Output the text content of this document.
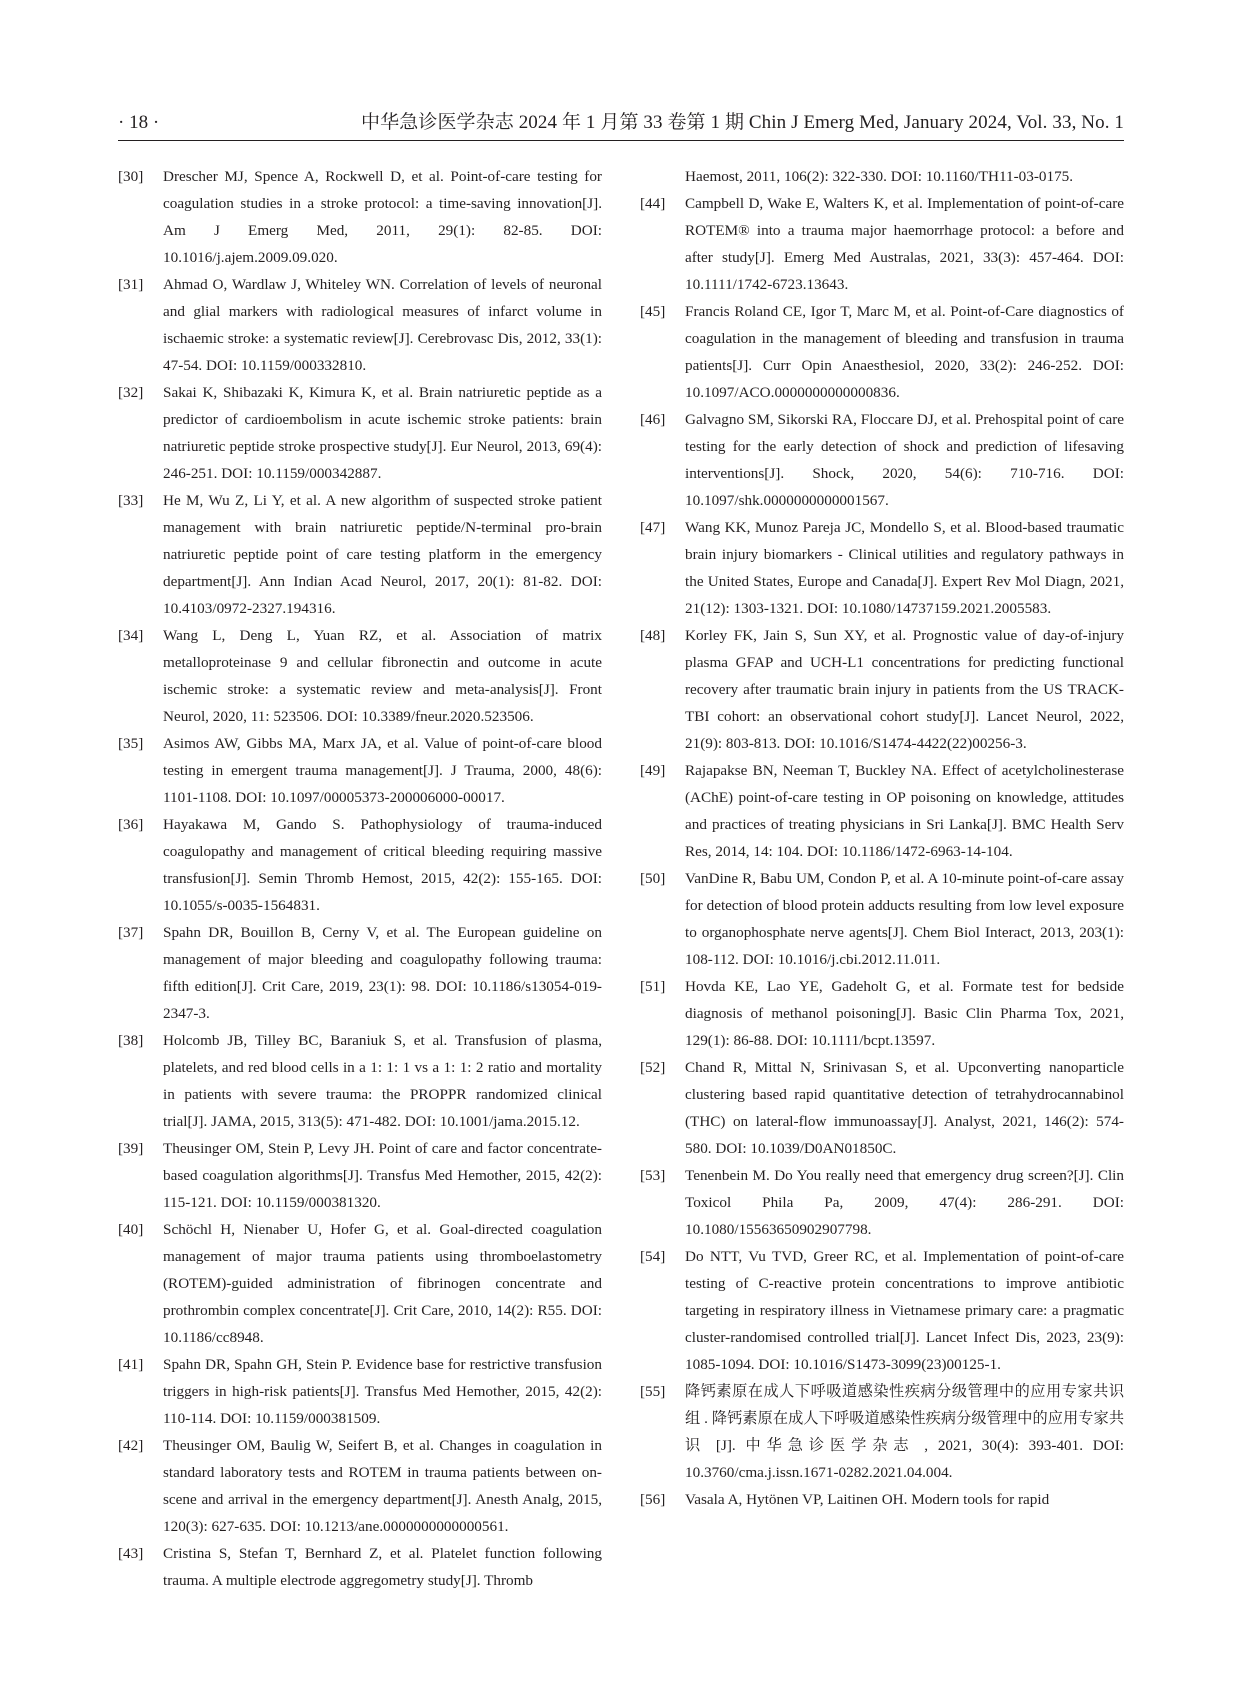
· 18 ·	中华急诊医学杂志 2024 年 1 月第 33 卷第 1 期 Chin J Emerg Med, January 2024, Vol. 33, No. 1

[30] Drescher MJ, Spence A, Rockwell D, et al. Point-of-care testing for coagulation studies in a stroke protocol: a time-saving innovation[J]. Am J Emerg Med, 2011, 29(1): 82-85. DOI: 10.1016/j.ajem.2009.09.020.

[31] Ahmad O, Wardlaw J, Whiteley WN. Correlation of levels of neuronal and glial markers with radiological measures of infarct volume in ischaemic stroke: a systematic review[J]. Cerebrovasc Dis, 2012, 33(1): 47-54. DOI: 10.1159/000332810.

[32] Sakai K, Shibazaki K, Kimura K, et al. Brain natriuretic peptide as a predictor of cardioembolism in acute ischemic stroke patients: brain natriuretic peptide stroke prospective study[J]. Eur Neurol, 2013, 69(4): 246-251. DOI: 10.1159/000342887.

[33] He M, Wu Z, Li Y, et al. A new algorithm of suspected stroke patient management with brain natriuretic peptide/N-terminal pro-brain natriuretic peptide point of care testing platform in the emergency department[J]. Ann Indian Acad Neurol, 2017, 20(1): 81-82. DOI: 10.4103/0972-2327.194316.

[34] Wang L, Deng L, Yuan RZ, et al. Association of matrix metalloproteinase 9 and cellular fibronectin and outcome in acute ischemic stroke: a systematic review and meta-analysis[J]. Front Neurol, 2020, 11: 523506. DOI: 10.3389/fneur.2020.523506.

[35] Asimos AW, Gibbs MA, Marx JA, et al. Value of point-of-care blood testing in emergent trauma management[J]. J Trauma, 2000, 48(6): 1101-1108. DOI: 10.1097/00005373-200006000-00017.

[36] Hayakawa M, Gando S. Pathophysiology of trauma-induced coagulopathy and management of critical bleeding requiring massive transfusion[J]. Semin Thromb Hemost, 2015, 42(2): 155-165. DOI: 10.1055/s-0035-1564831.

[37] Spahn DR, Bouillon B, Cerny V, et al. The European guideline on management of major bleeding and coagulopathy following trauma: fifth edition[J]. Crit Care, 2019, 23(1): 98. DOI: 10.1186/s13054-019-2347-3.

[38] Holcomb JB, Tilley BC, Baraniuk S, et al. Transfusion of plasma, platelets, and red blood cells in a 1: 1: 1 vs a 1: 1: 2 ratio and mortality in patients with severe trauma: the PROPPR randomized clinical trial[J]. JAMA, 2015, 313(5): 471-482. DOI: 10.1001/jama.2015.12.

[39] Theusinger OM, Stein P, Levy JH. Point of care and factor concentrate-based coagulation algorithms[J]. Transfus Med Hemother, 2015, 42(2): 115-121. DOI: 10.1159/000381320.

[40] Schöchl H, Nienaber U, Hofer G, et al. Goal-directed coagulation management of major trauma patients using thromboelastometry (ROTEM)-guided administration of fibrinogen concentrate and prothrombin complex concentrate[J]. Crit Care, 2010, 14(2): R55. DOI: 10.1186/cc8948.

[41] Spahn DR, Spahn GH, Stein P. Evidence base for restrictive transfusion triggers in high-risk patients[J]. Transfus Med Hemother, 2015, 42(2): 110-114. DOI: 10.1159/000381509.

[42] Theusinger OM, Baulig W, Seifert B, et al. Changes in coagulation in standard laboratory tests and ROTEM in trauma patients between on-scene and arrival in the emergency department[J]. Anesth Analg, 2015, 120(3): 627-635. DOI: 10.1213/ane.0000000000000561.

[43] Cristina S, Stefan T, Bernhard Z, et al. Platelet function following trauma. A multiple electrode aggregometry study[J]. Thromb

Haemost, 2011, 106(2): 322-330. DOI: 10.1160/TH11-03-0175.

[44] Campbell D, Wake E, Walters K, et al. Implementation of point-of-care ROTEM® into a trauma major haemorrhage protocol: a before and after study[J]. Emerg Med Australas, 2021, 33(3): 457-464. DOI: 10.1111/1742-6723.13643.

[45] Francis Roland CE, Igor T, Marc M, et al. Point-of-Care diagnostics of coagulation in the management of bleeding and transfusion in trauma patients[J]. Curr Opin Anaesthesiol, 2020, 33(2): 246-252. DOI: 10.1097/ACO.0000000000000836.

[46] Galvagno SM, Sikorski RA, Floccare DJ, et al. Prehospital point of care testing for the early detection of shock and prediction of lifesaving interventions[J]. Shock, 2020, 54(6): 710-716. DOI: 10.1097/shk.0000000000001567.

[47] Wang KK, Munoz Pareja JC, Mondello S, et al. Blood-based traumatic brain injury biomarkers - Clinical utilities and regulatory pathways in the United States, Europe and Canada[J]. Expert Rev Mol Diagn, 2021, 21(12): 1303-1321. DOI: 10.1080/14737159.2021.2005583.

[48] Korley FK, Jain S, Sun XY, et al. Prognostic value of day-of-injury plasma GFAP and UCH-L1 concentrations for predicting functional recovery after traumatic brain injury in patients from the US TRACK-TBI cohort: an observational cohort study[J]. Lancet Neurol, 2022, 21(9): 803-813. DOI: 10.1016/S1474-4422(22)00256-3.

[49] Rajapakse BN, Neeman T, Buckley NA. Effect of acetylcholinesterase (AChE) point-of-care testing in OP poisoning on knowledge, attitudes and practices of treating physicians in Sri Lanka[J]. BMC Health Serv Res, 2014, 14: 104. DOI: 10.1186/1472-6963-14-104.

[50] VanDine R, Babu UM, Condon P, et al. A 10-minute point-of-care assay for detection of blood protein adducts resulting from low level exposure to organophosphate nerve agents[J]. Chem Biol Interact, 2013, 203(1): 108-112. DOI: 10.1016/j.cbi.2012.11.011.

[51] Hovda KE, Lao YE, Gadeholt G, et al. Formate test for bedside diagnosis of methanol poisoning[J]. Basic Clin Pharma Tox, 2021, 129(1): 86-88. DOI: 10.1111/bcpt.13597.

[52] Chand R, Mittal N, Srinivasan S, et al. Upconverting nanoparticle clustering based rapid quantitative detection of tetrahydrocannabinol (THC) on lateral-flow immunoassay[J]. Analyst, 2021, 146(2): 574-580. DOI: 10.1039/D0AN01850C.

[53] Tenenbein M. Do You really need that emergency drug screen?[J]. Clin Toxicol Phila Pa, 2009, 47(4): 286-291. DOI: 10.1080/15563650902907798.

[54] Do NTT, Vu TVD, Greer RC, et al. Implementation of point-of-care testing of C-reactive protein concentrations to improve antibiotic targeting in respiratory illness in Vietnamese primary care: a pragmatic cluster-randomised controlled trial[J]. Lancet Infect Dis, 2023, 23(9): 1085-1094. DOI: 10.1016/S1473-3099(23)00125-1.

[55] 降钙素原在成人下呼吸道感染性疾病分级管理中的应用专家共识组 . 降钙素原在成人下呼吸道感染性疾病分级管理中的应用专家共识 [J]. 中华急诊医学杂志 , 2021, 30(4): 393-401. DOI: 10.3760/cma.j.issn.1671-0282.2021.04.004.

[56] Vasala A, Hytönen VP, Laitinen OH. Modern tools for rapid
